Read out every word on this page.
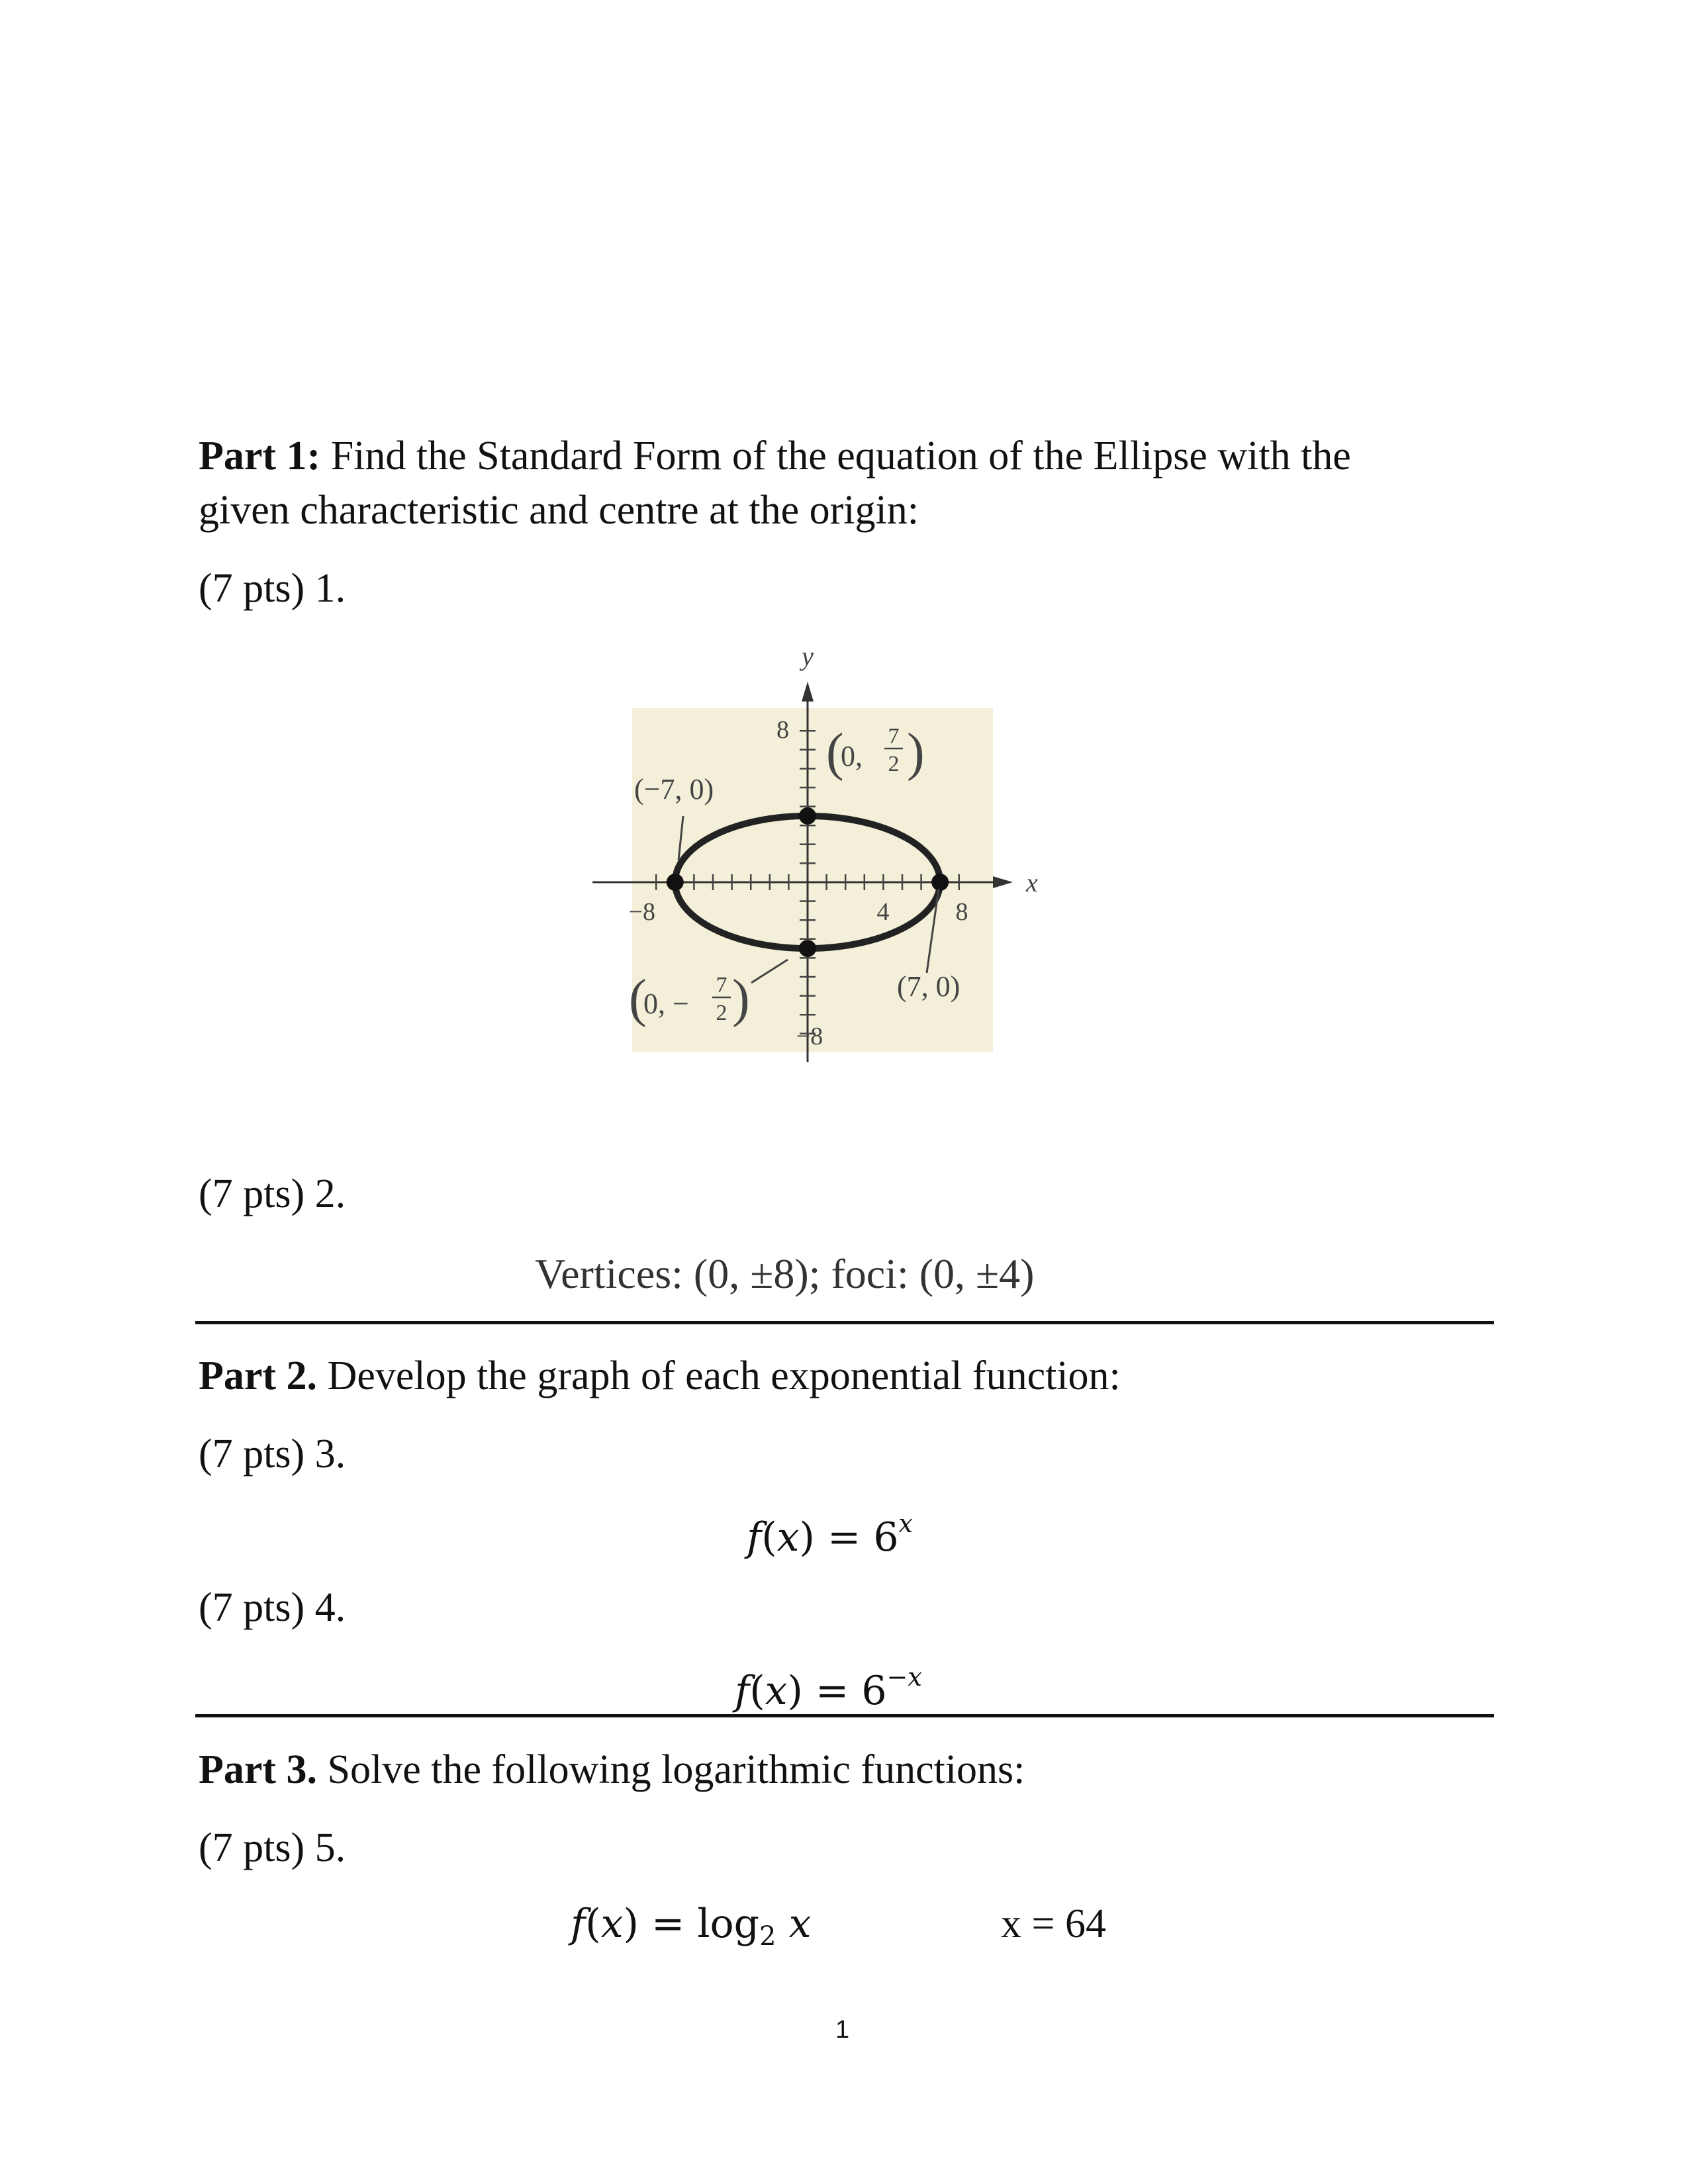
Part 1: Find the Standard Form of the equation of the Ellipse with the
given characteristic and centre at the origin:
(7 pts) 1.
y
x
8
−8	4	8
−8
(−7, 0)
(7, 0)
(
0,
7
2 )
(
0, −
7
2 )
(7 pts) 2.
Vertices: (0, ±8); foci: (0, ±4)
Part 2. Develop the graph of each exponential function:
(7 pts) 3.
$f(x) = 6^x$
(7 pts) 4.
$f(x) = 6^{-x}$
Part 3. Solve the following logarithmic functions:
(7 pts) 5.
$f(x) = \log_2 x$	x = 64
1
